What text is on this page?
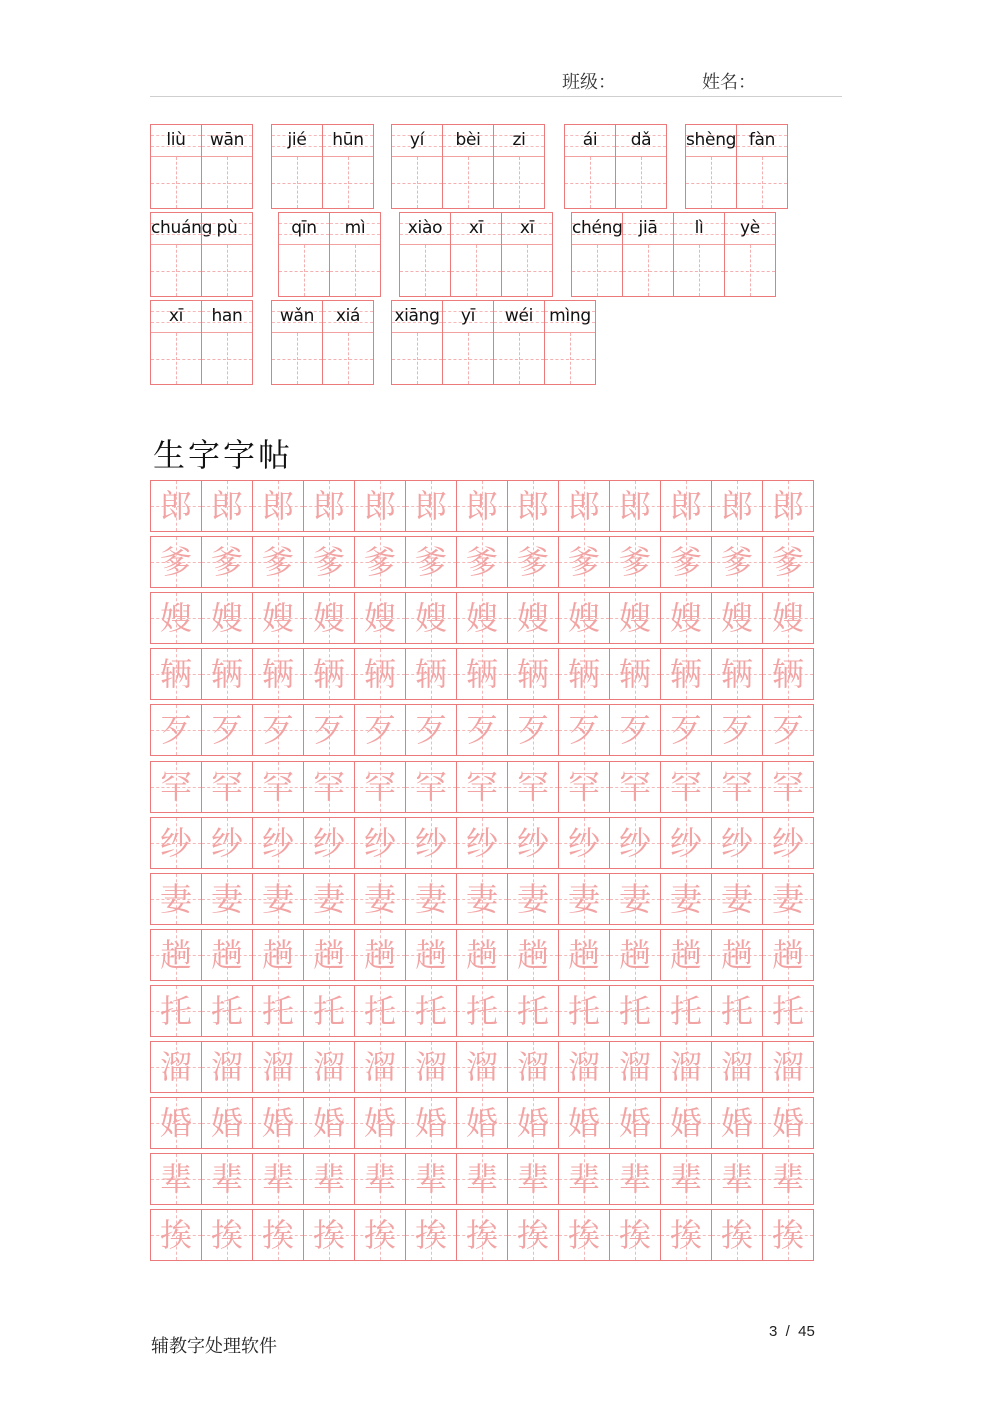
班级：	姓名：
liù	wān	jié	hūn	yí	bèi	zi	ái	dǎ	shèng fàn
chuáng pù	qīn	mì	xiào	xī	xī	chéng jiā	lì	yè
xī	han	wǎn	xiá	xiāng	yī	wéi mìng
生字字帖
郎 郎 郎 郎 郎 郎 郎 郎 郎 郎 郎 郎 郎
爹 爹 爹 爹 爹 爹 爹 爹 爹 爹 爹 爹 爹
嫂 嫂 嫂 嫂 嫂 嫂 嫂 嫂 嫂 嫂 嫂 嫂 嫂
辆 辆 辆 辆 辆 辆 辆 辆 辆 辆 辆 辆 辆
歹 歹 歹 歹 歹 歹 歹 歹 歹 歹 歹 歹 歹
罕 罕 罕 罕 罕 罕 罕 罕 罕 罕 罕 罕 罕
纱 纱 纱 纱 纱 纱 纱 纱 纱 纱 纱 纱 纱
妻 妻 妻 妻 妻 妻 妻 妻 妻 妻 妻 妻 妻
趟 趟 趟 趟 趟 趟 趟 趟 趟 趟 趟 趟 趟
托 托 托 托 托 托 托 托 托 托 托 托 托
溜 溜 溜 溜 溜 溜 溜 溜 溜 溜 溜 溜 溜
婚 婚 婚 婚 婚 婚 婚 婚 婚 婚 婚 婚 婚
辈 辈 辈 辈 辈 辈 辈 辈 辈 辈 辈 辈 辈
挨 挨 挨 挨 挨 挨 挨 挨 挨 挨 挨 挨 挨
辅教字处理软件
3  /  45
